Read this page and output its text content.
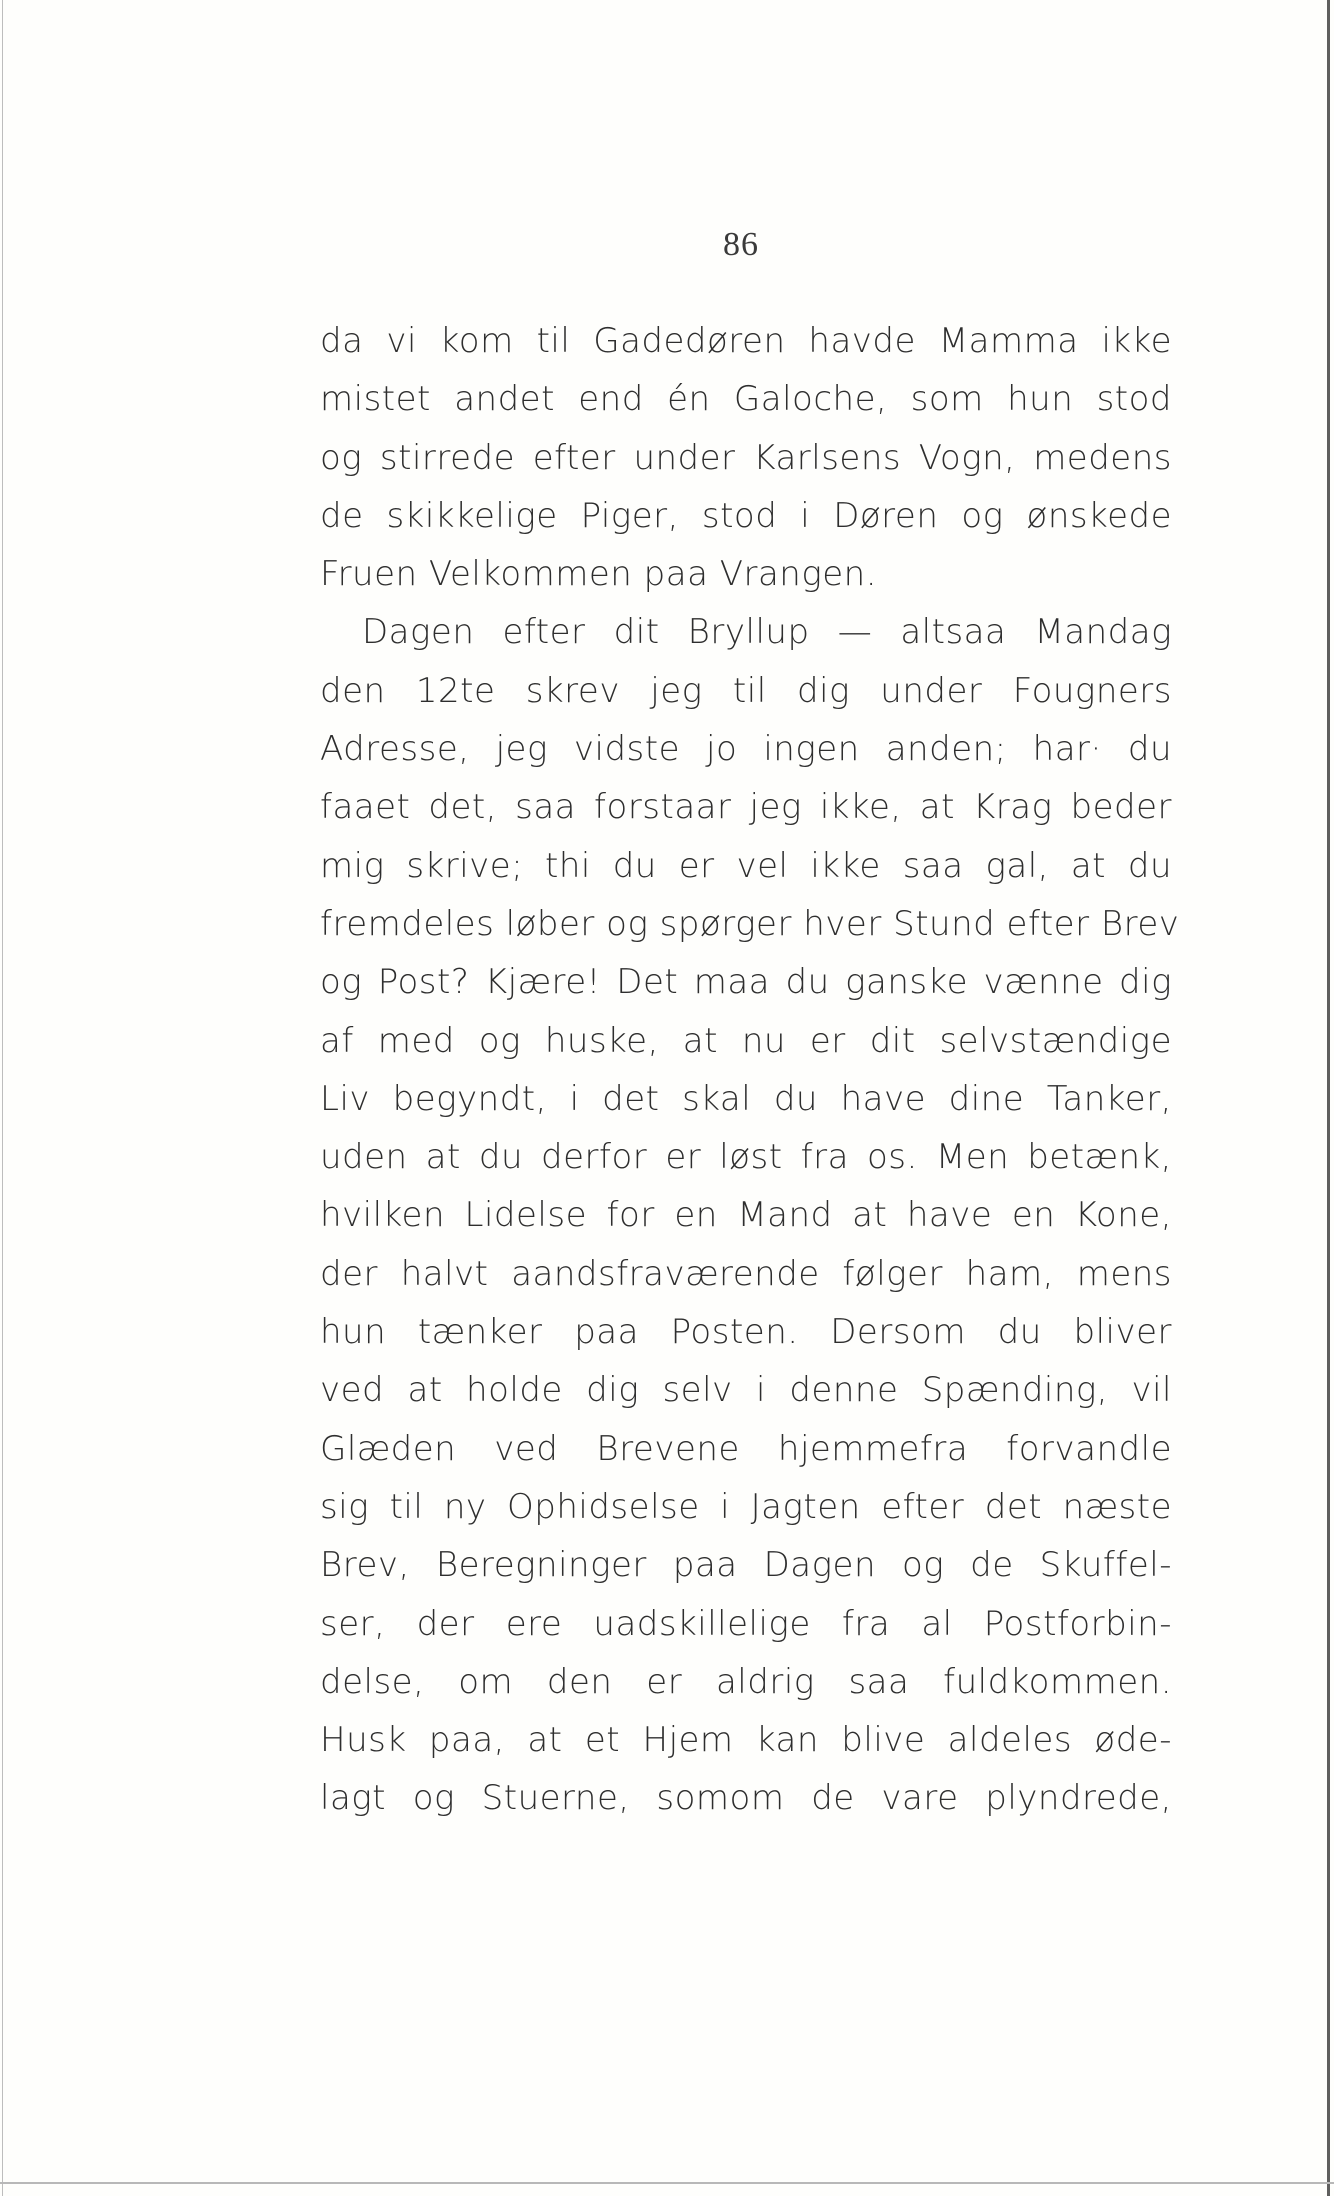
86
da vi kom til Gadedøren havde Mamma ikke
mistet andet end én Galoche, som hun stod
og stirrede efter under Karlsens Vogn, medens
de skikkelige Piger, stod i Døren og ønskede
Fruen Velkommen paa Vrangen.
Dagen efter dit Bryllup — altsaa Mandag
den 12te skrev jeg til dig under Fougners
Adresse, jeg vidste jo ingen anden; har· du
faaet det, saa forstaar jeg ikke, at Krag beder
mig skrive; thi du er vel ikke saa gal, at du
fremdeles løber og spørger hver Stund efter Brev
og Post? Kjære! Det maa du ganske vænne dig
af med og huske, at nu er dit selvstændige
Liv begyndt, i det skal du have dine Tanker,
uden at du derfor er løst fra os. Men betænk,
hvilken Lidelse for en Mand at have en Kone,
der halvt aandsfraværende følger ham, mens
hun tænker paa Posten. Dersom du bliver
ved at holde dig selv i denne Spænding, vil
Glæden ved Brevene hjemmefra forvandle
sig til ny Ophidselse i Jagten efter det næste
Brev, Beregninger paa Dagen og de Skuffel-
ser, der ere uadskillelige fra al Postforbin-
delse, om den er aldrig saa fuldkommen.
Husk paa, at et Hjem kan blive aldeles øde-
lagt og Stuerne, somom de vare plyndrede,
